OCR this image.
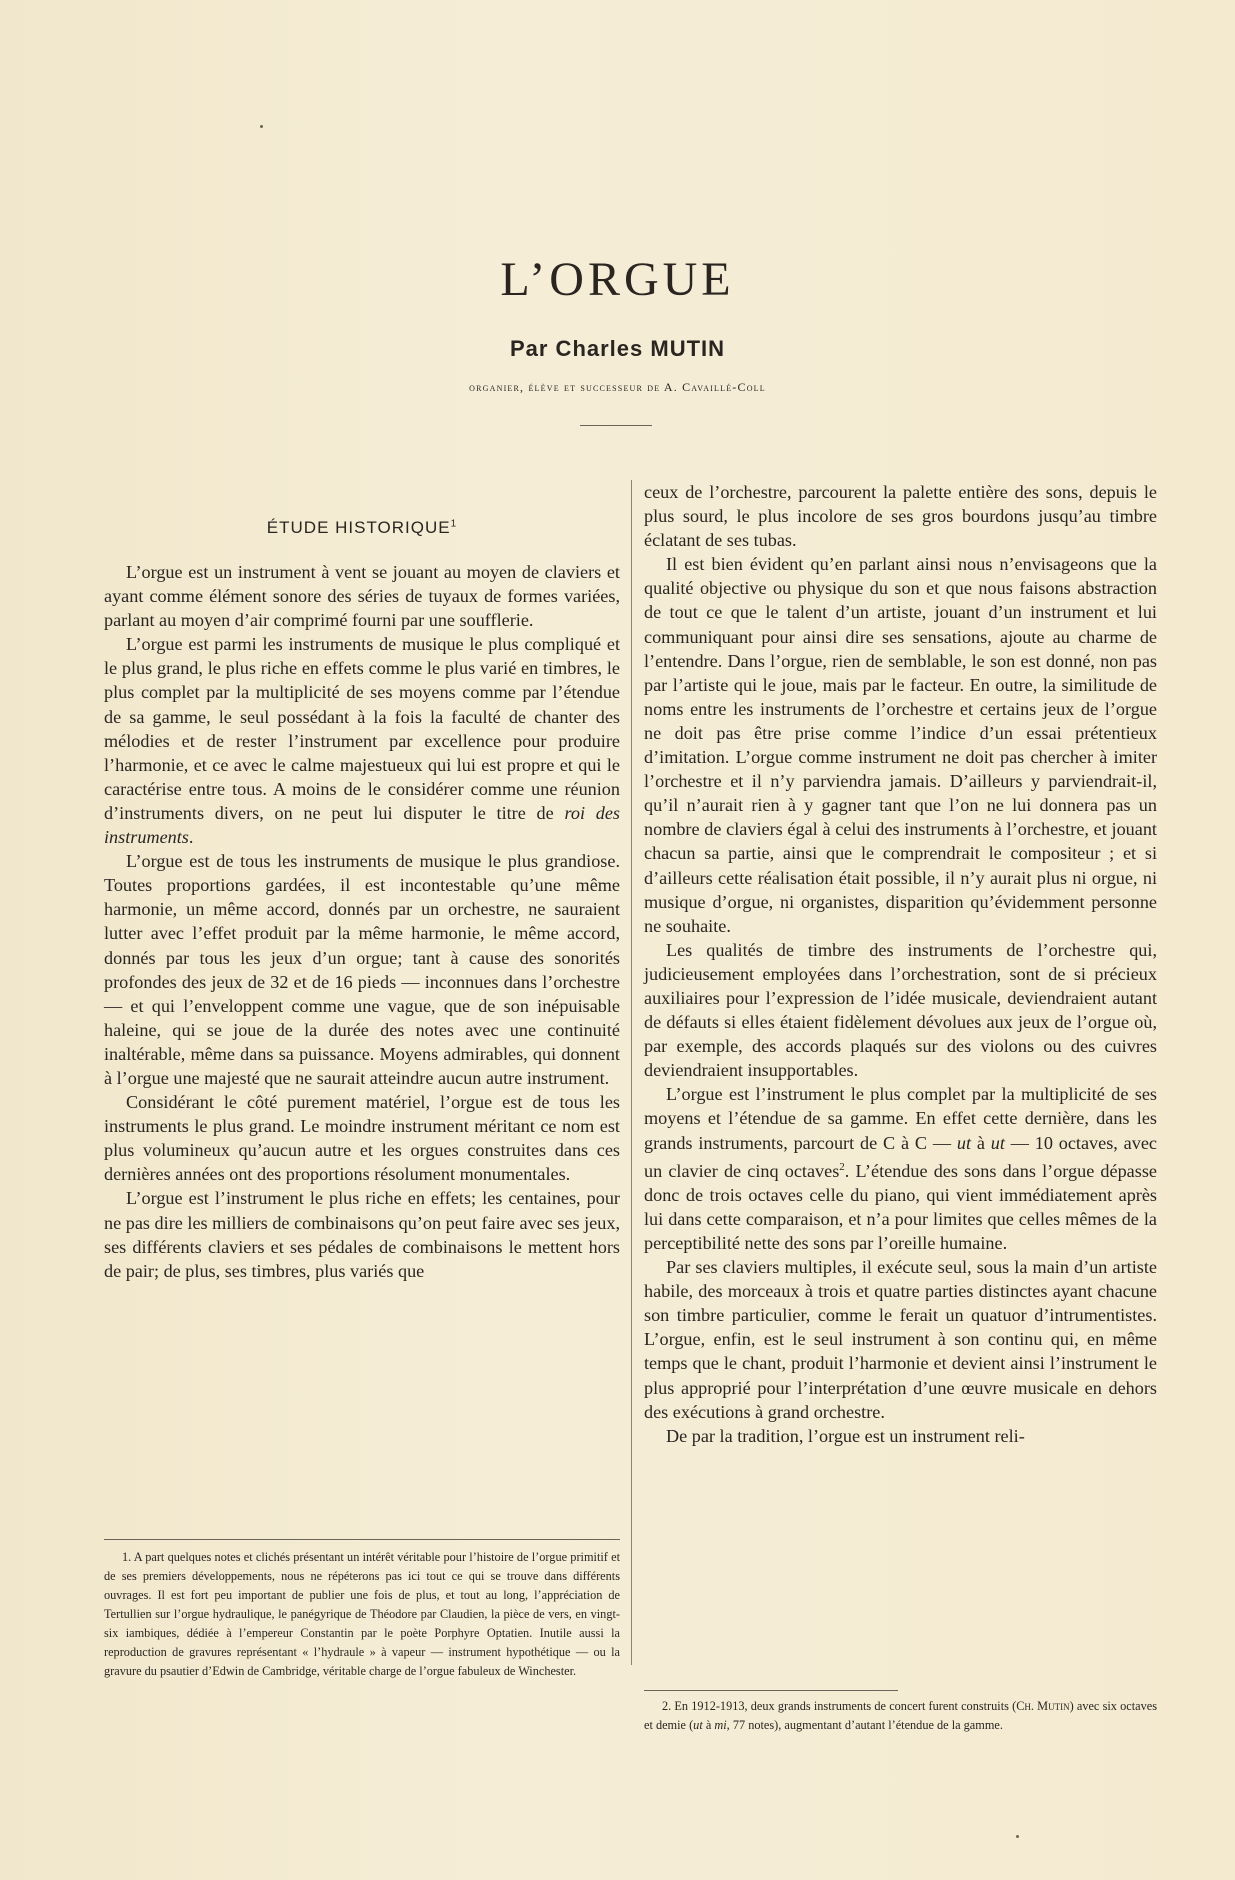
L’ORGUE
Par Charles MUTIN
organier, élève et successeur de A. Cavaillé-Coll
ÉTUDE HISTORIQUE$^1$

L’orgue est un instrument à vent se jouant au moyen de claviers et ayant comme élément sonore des séries de tuyaux de formes variées, parlant au moyen d’air comprimé fourni par une soufflerie.

L’orgue est parmi les instruments de musique le plus compliqué et le plus grand, le plus riche en effets comme le plus varié en timbres, le plus complet par la multiplicité de ses moyens comme par l’étendue de sa gamme, le seul possédant à la fois la faculté de chanter des mélodies et de rester l’instrument par excellence pour produire l’harmonie, et ce avec le calme majestueux qui lui est propre et qui le caractérise entre tous. A moins de le considérer comme une réunion d’instruments divers, on ne peut lui disputer le titre de roi des instruments.

L’orgue est de tous les instruments de musique le plus grandiose. Toutes proportions gardées, il est incontestable qu’une même harmonie, un même accord, donnés par un orchestre, ne sauraient lutter avec l’effet produit par la même harmonie, le même accord, donnés par tous les jeux d’un orgue; tant à cause des sonorités profondes des jeux de 32 et de 16 pieds — inconnues dans l’orchestre — et qui l’enveloppent comme une vague, que de son inépuisable haleine, qui se joue de la durée des notes avec une continuité inaltérable, même dans sa puissance. Moyens admirables, qui donnent à l’orgue une majesté que ne saurait atteindre aucun autre instrument.

Considérant le côté purement matériel, l’orgue est de tous les instruments le plus grand. Le moindre instrument méritant ce nom est plus volumineux qu’aucun autre et les orgues construites dans ces dernières années ont des proportions résolument monumentales.

L’orgue est l’instrument le plus riche en effets; les centaines, pour ne pas dire les milliers de combinaisons qu’on peut faire avec ses jeux, ses différents claviers et ses pédales de combinaisons le mettent hors de pair; de plus, ses timbres, plus variés que

ceux de l’orchestre, parcourent la palette entière des sons, depuis le plus sourd, le plus incolore de ses gros bourdons jusqu’au timbre éclatant de ses tubas.

Il est bien évident qu’en parlant ainsi nous n’envisageons que la qualité objective ou physique du son et que nous faisons abstraction de tout ce que le talent d’un artiste, jouant d’un instrument et lui communiquant pour ainsi dire ses sensations, ajoute au charme de l’entendre. Dans l’orgue, rien de semblable, le son est donné, non pas par l’artiste qui le joue, mais par le facteur. En outre, la similitude de noms entre les instruments de l’orchestre et certains jeux de l’orgue ne doit pas être prise comme l’indice d’un essai prétentieux d’imitation. L’orgue comme instrument ne doit pas chercher à imiter l’orchestre et il n’y parviendra jamais. D’ailleurs y parviendrait-il, qu’il n’aurait rien à y gagner tant que l’on ne lui donnera pas un nombre de claviers égal à celui des instruments à l’orchestre, et jouant chacun sa partie, ainsi que le comprendrait le compositeur ; et si d’ailleurs cette réalisation était possible, il n’y aurait plus ni orgue, ni musique d’orgue, ni organistes, disparition qu’évidemment personne ne souhaite.

Les qualités de timbre des instruments de l’orchestre qui, judicieusement employées dans l’orchestration, sont de si précieux auxiliaires pour l’expression de l’idée musicale, deviendraient autant de défauts si elles étaient fidèlement dévolues aux jeux de l’orgue où, par exemple, des accords plaqués sur des violons ou des cuivres deviendraient insupportables.

L’orgue est l’instrument le plus complet par la multiplicité de ses moyens et l’étendue de sa gamme. En effet cette dernière, dans les grands instruments, parcourt de C à C — ut à ut — 10 octaves, avec un clavier de cinq octaves$^2$. L’étendue des sons dans l’orgue dépasse donc de trois octaves celle du piano, qui vient immédiatement après lui dans cette comparaison, et n’a pour limites que celles mêmes de la perceptibilité nette des sons par l’oreille humaine.

Par ses claviers multiples, il exécute seul, sous la main d’un artiste habile, des morceaux à trois et quatre parties distinctes ayant chacune son timbre particulier, comme le ferait un quatuor d’intrumentistes. L’orgue, enfin, est le seul instrument à son continu qui, en même temps que le chant, produit l’harmonie et devient ainsi l’instrument le plus approprié pour l’interprétation d’une œuvre musicale en dehors des exécutions à grand orchestre.

De par la tradition, l’orgue est un instrument reli-

1. A part quelques notes et clichés présentant un intérêt véritable pour l’histoire de l’orgue primitif et de ses premiers développements, nous ne répéterons pas ici tout ce qui se trouve dans différents ouvrages. Il est fort peu important de publier une fois de plus, et tout au long, l’appréciation de Tertullien sur l’orgue hydraulique, le panégyrique de Théodore par Claudien, la pièce de vers, en vingt-six iambiques, dédiée à l’empereur Constantin par le poète Porphyre Optatien. Inutile aussi la reproduction de gravures représentant « l’hydraule » à vapeur — instrument hypothétique — ou la gravure du psautier d’Edwin de Cambridge, véritable charge de l’orgue fabuleux de Winchester.

2. En 1912-1913, deux grands instruments de concert furent construits (Ch. Mutin) avec six octaves et demie (ut à mi, 77 notes), augmentant d’autant l’étendue de la gamme.
